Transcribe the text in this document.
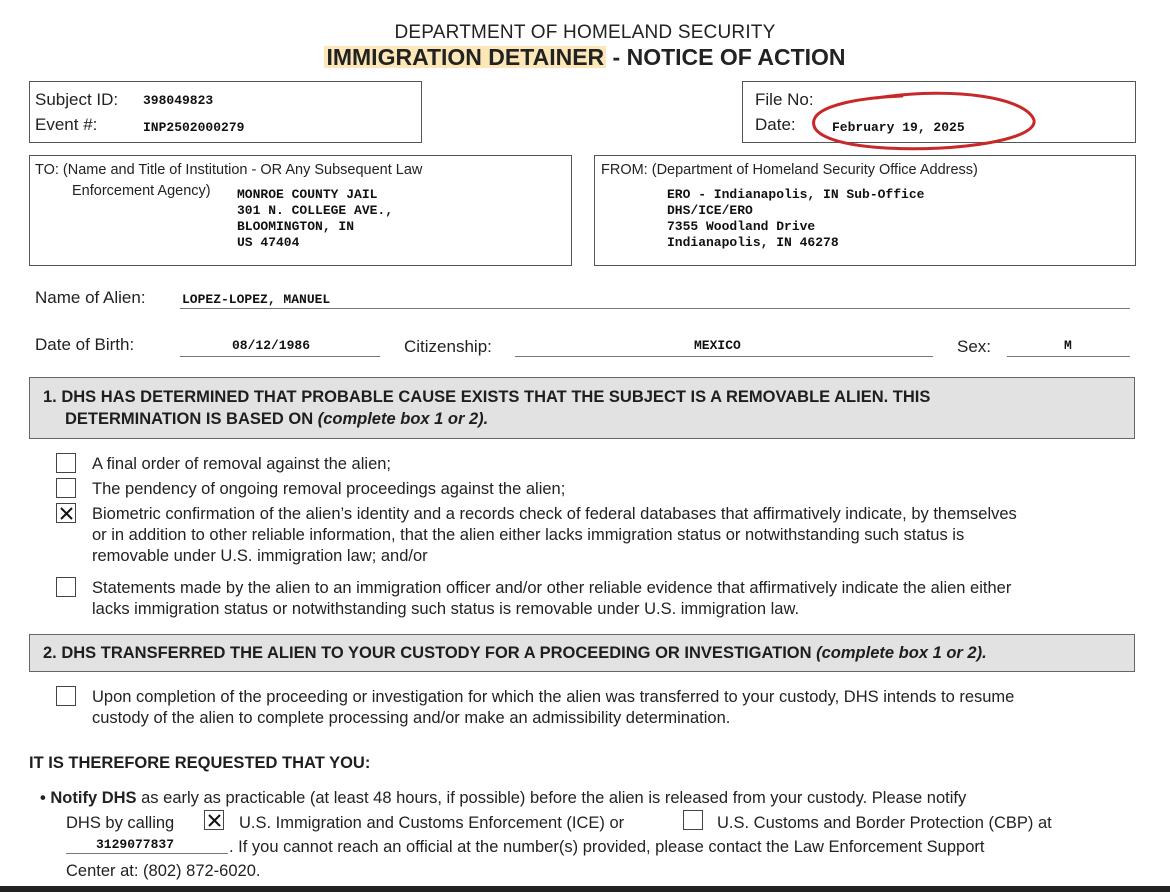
DEPARTMENT OF HOMELAND SECURITY
IMMIGRATION DETAINER - NOTICE OF ACTION
Subject ID: 398049823
Event #:	INP2502000279
File No:
Date:	February 19, 2025
TO: (Name and Title of Institution - OR Any Subsequent Law
Enforcement Agency) MONROE COUNTY JAIL
301 N. COLLEGE AVE.,
BLOOMINGTON, IN
US 47404
FROM: (Department of Homeland Security Office Address)
ERO - Indianapolis, IN Sub-Office
DHS/ICE/ERO
7355 Woodland Drive
Indianapolis, IN 46278
Name of Alien:	LOPEZ-LOPEZ, MANUEL
Date of Birth:	08/12/1986	Citizenship:	MEXICO	Sex:	M
1. DHS HAS DETERMINED THAT PROBABLE CAUSE EXISTS THAT THE SUBJECT IS A REMOVABLE ALIEN. THIS
DETERMINATION IS BASED ON (complete box 1 or 2).
A final order of removal against the alien;
The pendency of ongoing removal proceedings against the alien;
Biometric confirmation of the alien’s identity and a records check of federal databases that affirmatively indicate, by themselves
or in addition to other reliable information, that the alien either lacks immigration status or notwithstanding such status is
removable under U.S. immigration law; and/or
Statements made by the alien to an immigration officer and/or other reliable evidence that affirmatively indicate the alien either
lacks immigration status or notwithstanding such status is removable under U.S. immigration law.
2. DHS TRANSFERRED THE ALIEN TO YOUR CUSTODY FOR A PROCEEDING OR INVESTIGATION (complete box 1 or 2).
Upon completion of the proceeding or investigation for which the alien was transferred to your custody, DHS intends to resume
custody of the alien to complete processing and/or make an admissibility determination.
IT IS THEREFORE REQUESTED THAT YOU:
• Notify DHS as early as practicable (at least 48 hours, if possible) before the alien is released from your custody. Please notify
DHS by calling	U.S. Immigration and Customs Enforcement (ICE) or	U.S. Customs and Border Protection (CBP) at
3129077837	. If you cannot reach an official at the number(s) provided, please contact the Law Enforcement Support
Center at: (802) 872-6020.
